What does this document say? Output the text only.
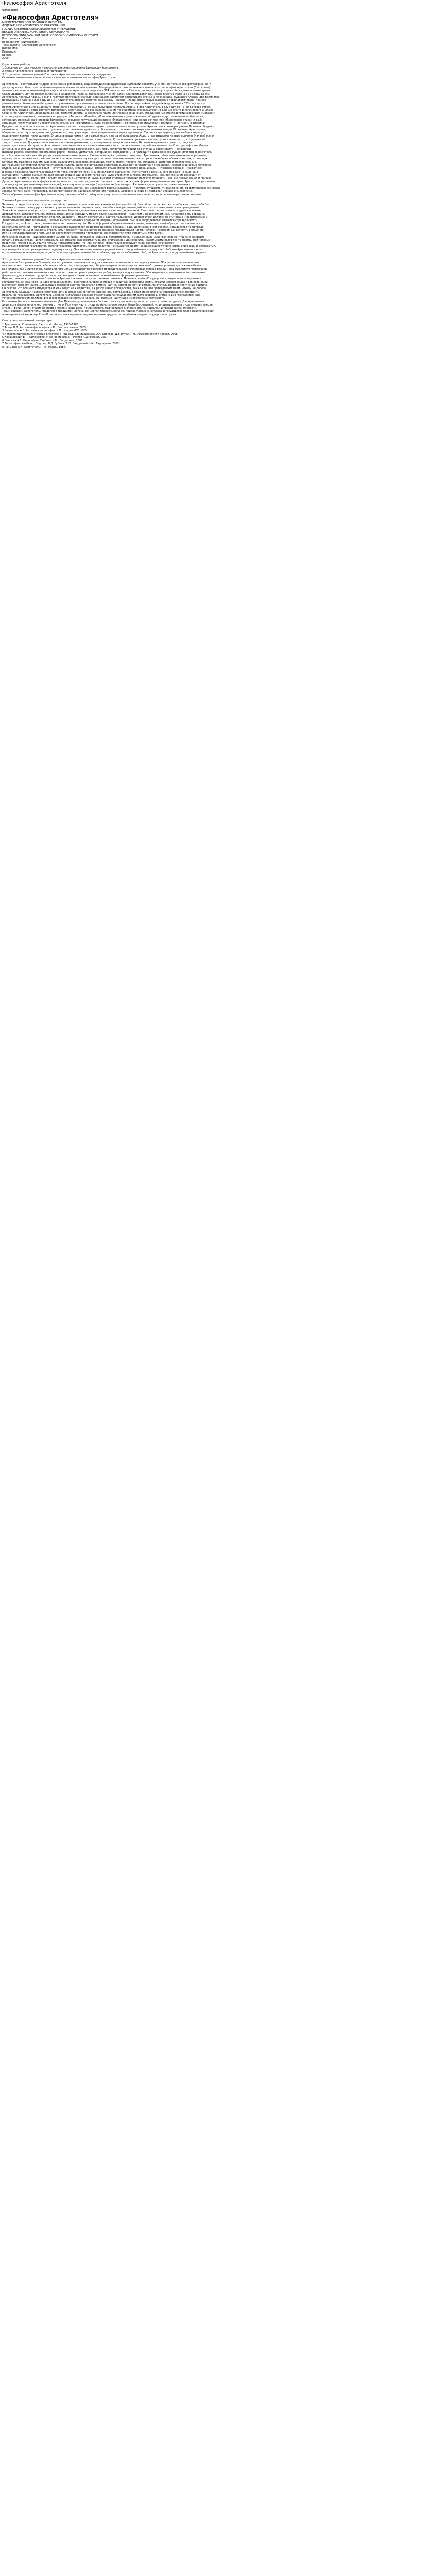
Философия Аристотеля
Философия
«Философия Аристотеля»
МИНИСТЕРСТВО ОБРАЗОВАНИЯ И НАУКИ РФ
ФЕДЕРАЛЬНОЕ АГЕНТСТВО ПО ОБРАЗОВАНИЮ
ГОСУДАРСТВЕННОЕ ОБРАЗОВАТЕЛЬНОЕ УЧРЕЖДЕНИЕ
ВЫСШЕГО ПРОФЕССИОНАЛЬНОГО ОБРАЗОВАНИЯ
ВСЕРОССИЙСКИЙ ЗАОЧНЫЙ ФИНАНСОВО-ЭКОНОМИЧЕСКИЙ ИНСТИТУТ
Контрольная работа
по предмету «Философия»
Тема работы: «Философия Аристотеля»
Выполнила:
Проверил:
Брянск
2009
Содержание работы
1.Основные антологические и гносеологические положения философии Аристотеля.
2.Учение Аристотеля о человеке и государстве.
3.Сходство и различие учений Платона и Аристотеля о человеке и государстве.
Основные антологические и гносеологические положения философии Аристотеля.
Аристотель – величайший из древнегреческих философов, энциклопедически одарённый, сумевший охватить учением не только всю философию, но и
доступную ему область естественнонаучного знания своего времени. В определённом смысле можно сказать, что философия Аристотеля (Стагирита)
является вершиной античной философской мысли. Аристотель родился в 384 году до н.э. в Стагире, городе на полуострове Халкидика, в семье врача.
Около двадцати лет он провёл в Афинах в Академии Платона, сначала как ученик, затем как преподаватель. После смерти Платона в 347 году до н.э.
Аристотель покинул Афины, а в 343 году был приглашён македонским царём Филиппом воспитывать его сына Александра (будущего Александра Великого).
Вернувшись в Афины в 335 году до н.э., Аристотель основал собственную школу – Ликей (Ликей), получившую название перипатетической, так как
учитель имел обыкновение беседовать с учениками, прогуливаясь по тенистым аллеям. После смерти Александра Македонского в 323 году до н.э.
против Аристотеля было выдвинуто обвинение в безбожии, и он был вынужден покинуть Афины. Умер Аристотель в 322 году до н.э. на острове Эвбея.
Аристотель создал и свою систему философии, охватывающую все области знания того времени, опирающуюся на данные опыта и логического анализа.
Сочинения Аристотеля, дошедшие до нас, принято делить на несколько групп: логические сочинения, объединённые впоследствии названием «Органон»
(т.е. «орудие» познания); сочинения о природе («Физика», «О небе», «О возникновении и уничтожении», «О душе» и др.); сочинения по биологии;
сочинения, посвящённые «первой философии», позднее получившие название «Метафизика»; этические сочинения («Никомахова этика» и др.);
социально-политические и исторические сочинения («Политика», «Афинская полития»); сочинения по искусству и поэтике («Поэтика», «Риторика»).
Предметом первой философии, по Аристотелю, является изучение первых причин и начал всего сущего. Аристотель критикует учение Платона об идеях,
указывая, что Платон удвоил мир, признав существование идей как особого мира, отдельного от мира чувственных вещей. По мнению Аристотеля,
общее не существует отдельно от единичного, оно существует лишь в единичном и через единичное. Так, не существует «дома вообще» наряду с
отдельными конкретными домами. Сущность вещи находится в самой вещи, а не за её пределами. Аристотель выделяет четыре причины (начала) всего
существующего: 1) материальная причина – материя, то, из чего состоит вещь; 2) формальная причина – форма, сущность вещи, то, что делает её
тем, что она есть; 3) движущая причина – источник движения, то, что приводит вещь в движение; 4) целевая причина – цель, то, ради чего
существует вещь. Материя, по Аристотелю, пассивна; она есть лишь возможность, которая становится действительностью благодаря форме. Форма
активна, она есть действительность, осуществление возможности. Так, медь является материей для статуи, а образ статуи – её формой.
Высшей формой является «форма всех форм» – первый двигатель, который сам неподвижен, но приводит в движение всё сущее. Этот перводвигатель
есть Бог, мыслящий сам себя разум, «мышление о мышлении». Учение о четырёх причинах позволяет Аристотелю объяснить изменение и развитие,
переход от возможности к действительности. Аристотель первым дал систематическое учение о категориях – наиболее общих понятиях, с помощью
которых мы мыслим о сущем: сущность, количество, качество, отношение, место, время, положение, обладание, действие и претерпевание.
Центральной категорией является сущность (субстанция); все остальные категории выражают её свойства и отношения. Первой сущностью являются
отдельные индивидуальные вещи – «этот человек», «эта лошадь»; вторыми сущностями являются роды и виды – «человек вообще», «животное».
В теории познания Аристотель исходит из того, что источником знания являются ощущения. «Нет ничего в разуме, чего прежде не было бы в
ощущениях». Однако ощущение даёт знание лишь о единичном, тогда как наука стремится к познанию общего. Процесс познания восходит от
ощущения к памяти, от памяти к опыту, от опыта к искусству и науке. Высшей ступенью познания является мудрость – знание первых начал и причин.
Душа, по Аристотелю, есть форма живого тела, его энтелехия; она неотделима от тела так же, как форма неотделима от материи. Аристотель различает
три вида души: растительную (питающую), животную (ощущающую) и разумную (мыслящую). Разумная душа присуща только человеку.
Аристотель явился основоположником формальной логики. Он исследовал формы мышления – понятие, суждение, умозаключение; сформулировал основные
законы логики: закон тождества, закон противоречия, закон исключённого третьего. Особое значение он придавал учению о силлогизме.
Таким образом, философия Аристотеля представляет собой стройную систему, в которой онтология, гносеология и логика неразрывно связаны.
2.Учение Аристотеля о человеке и государстве.
Человек, по Аристотелю, есть существо общественное, «политическое животное» (zoon politikon). Вне общества может жить либо животное, либо Бог.
Человек отличается от других живых существ наличием разума и речи, способностью различать добро и зло, справедливое и несправедливое.
Этика Аристотеля исходит из того, что высшим благом для человека является счастье (эвдемония). Счастье есть деятельность души в полноте
добродетели. Добродетель Аристотель понимал как середину между двумя крайностями – избытком и недостатком. Так, мужество есть середина
между трусостью и безрассудной отвагой, щедрость – между скупостью и расточительностью. Добродетели делятся на этические (нравственные) и
дианоэтические (мыслительные). Первые вырабатываются привычкой, вторые – обучением. Высшей добродетелью является справедливость.
Государство, по Аристотелю, возникает естественным путём. Первой формой общения является семья, затем из семей образуется селение, а из
нескольких селений – государство. Государство существует ради благой жизни граждан, ради достижения ими счастья. Государство по природе
предшествует семье и каждому отдельному человеку, так как целое по природе предшествует части. Человек, неспособный вступить в общение
или не нуждающийся ни в чём, уже не составляет элемента государства: он становится либо животным, либо Богом.
Аристотель выделяет три правильные формы государственного устройства: монархию (власть одного), аристократию (власть лучших) и политию
(власть большинства), – и три неправильные, искажённые формы: тиранию, олигархию и демократию. Правильными являются те формы, при которых
правители имеют в виду общую пользу; неправильными – те, при которых правители преследуют лишь собственную выгоду.
Наилучшей формой государственного устройства Аристотель считал политию – смешанную форму, соединяющую лучшие черты олигархии и демократии,
при которой власть принадлежит среднему классу. Чем многочисленнее средний класс, тем устойчивее государство. Рабство Аристотель считал
естественным явлением: одни люди по природе предназначены быть рабами, другие – свободными. Раб, по Аристотелю, – «одушевлённое орудие».
3.Сходство и различие учений Платона и Аристотеля о человеке и государстве.
Аристотель был учеником Платона, и в его учении о человеке и государстве многое восходит к взглядам учителя. Оба философа считали, что
человек может реализовать себя лишь в обществе, в государстве; оба рассматривали государство как необходимое условие достижения блага.
Как Платон, так и Аристотель полагали, что целью государства является добродетельная и счастливая жизнь граждан. Оба мыслителя признавали
рабство естественным явлением и не распространяли права граждан на рабов, женщин и чужеземцев. Оба выделяли правильные и неправильные
формы государственного устройства и считали демократию и тиранию искажёнными формами правления.
Вместе с тем между учениями Платона и Аристотеля имеются существенные различия. Платон в своём «Государстве» создал проект идеального
государства, основанного на идее справедливости, в котором каждое сословие (правители-философы, воины-стражи, земледельцы и ремесленники)
выполняет свою функцию. Для высших сословий Платон предлагал отмену частной собственности и семьи. Аристотель подверг это учение критике.
Он считал, что общность имущества и жён ведёт не к единству, а к разрушению государства, так как то, что принадлежит всем, никому не дорого.
Аристотель защищал частную собственность и семью как естественные основы государства. В отличие от Платона, стремившегося построить
идеальное государство, Аристотель исходил из изучения реально существующих государств: им было собрано и описано 158 государственных
устройств греческих полисов. Его интересовало не столько идеальное, сколько наилучшее из возможных государств.
Различным было и понимание человека. Для Платона душа человека бессмертна и существует до тела, а тело – «темница души». Для Аристотеля
душа есть форма тела и неотделима от него. Разумная часть души, по Аристотелю, может быть бессмертной, но индивидуальная душа умирает вместе
с телом. Если Платон ставил на первое место знание идей, то Аристотель подчёркивал значение опыта, привычки и практической мудрости.
Таким образом, Аристотель, продолжая традицию Платона, во многом переосмыслил её, придав учению о человеке и государстве более реалистический
и эмпирический характер. Его «Политика» стала одним из первых научных трудов, посвящённых теории государства и права.
Список использованной литературы
1.Аристотель. Сочинения: В 4 т. – М.: Мысль, 1976–1983.
2.Асмус В.Ф. Античная философия. – М.: Высшая школа, 2005.
3.Богомолов А.С. Античная философия. – М.: Изд-во МГУ, 1985.
4.История философии: Учебник для вузов / Под ред. В.В. Васильева, А.А. Кротова, Д.В. Бугая. – М.: Академический проект, 2008.
5.Кохановский В.П. Философия: Учебное пособие. – Ростов н/Д: Феникс, 2007.
6.Спиркин А.Г. Философия: Учебник. – М.: Гардарики, 2006.
7.Философия: Учебник / Под ред. В.Д. Губина, Т.Ю. Сидориной. – М.: Гардарики, 2005.
8.Чанышев А.Н. Аристотель. – М.: Мысль, 1987.
